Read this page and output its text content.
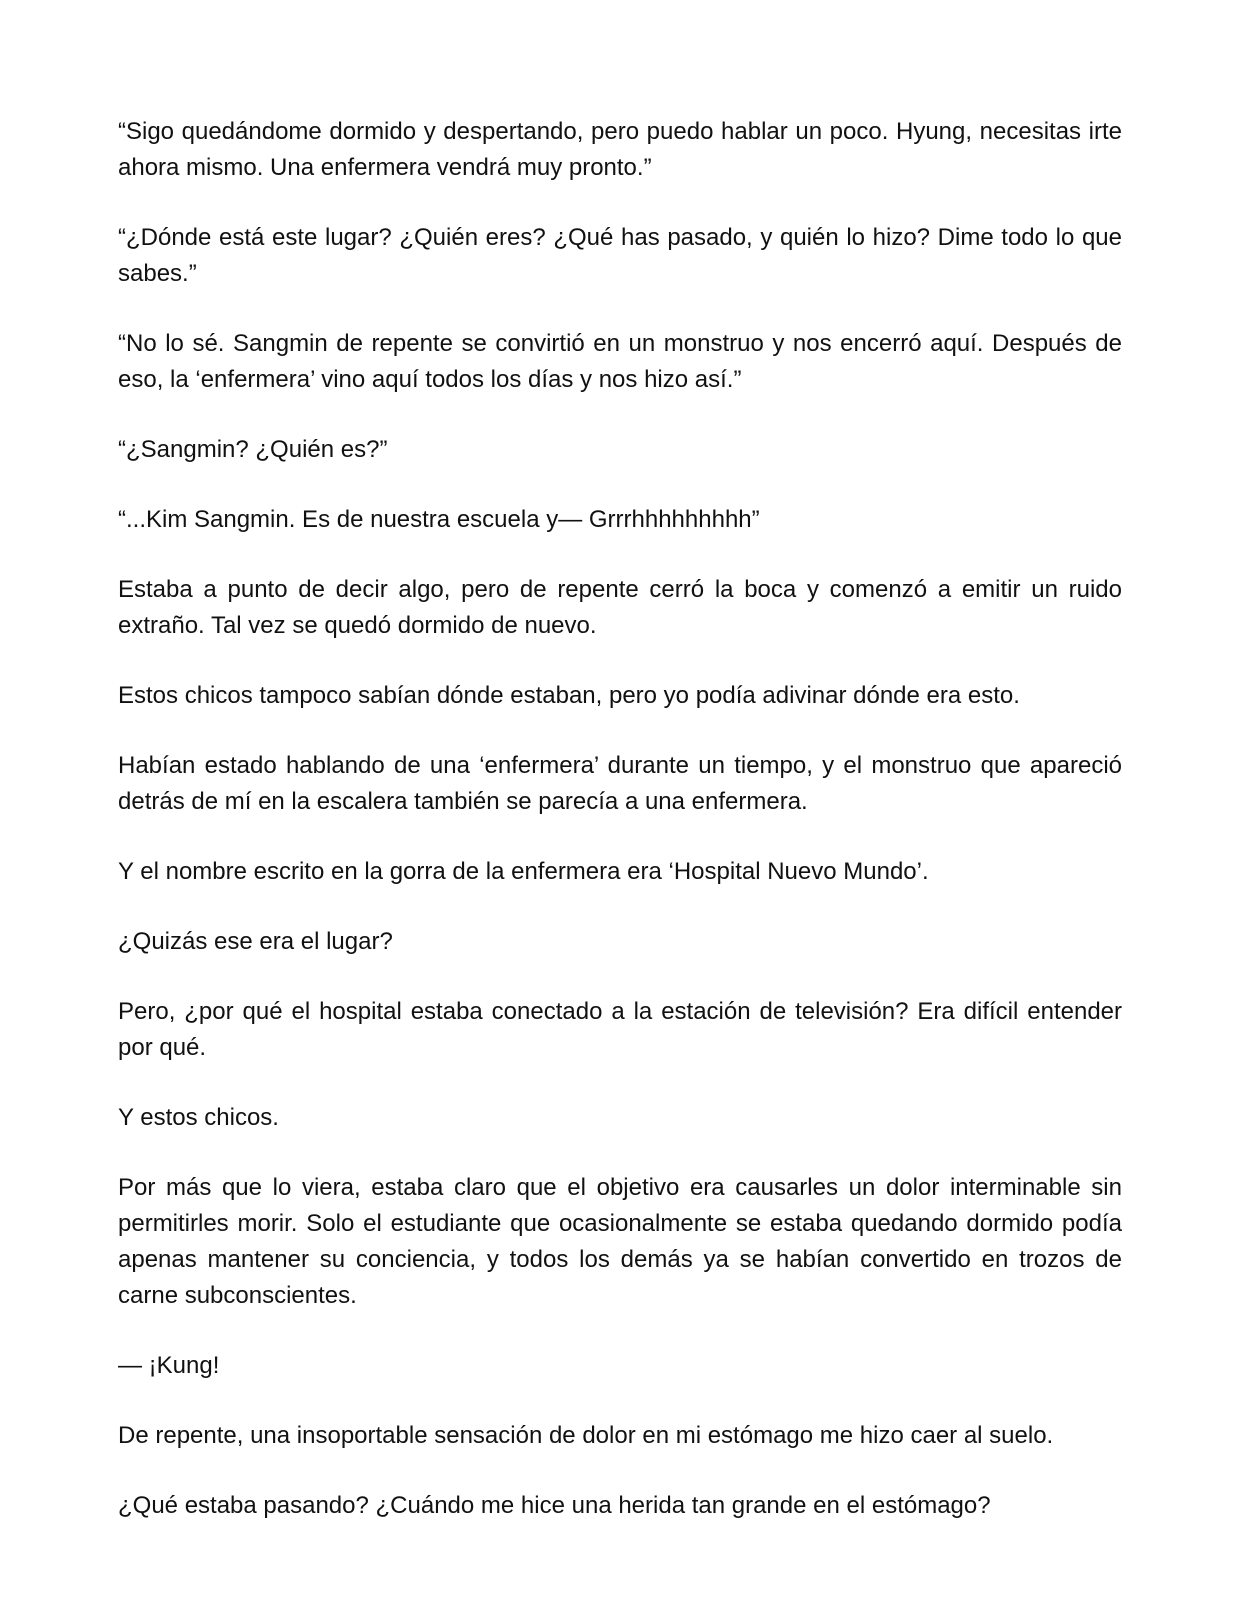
“Sigo quedándome dormido y despertando, pero puedo hablar un poco. Hyung, necesitas irte ahora mismo. Una enfermera vendrá muy pronto.”

“¿Dónde está este lugar? ¿Quién eres? ¿Qué has pasado, y quién lo hizo? Dime todo lo que sabes.”

“No lo sé. Sangmin de repente se convirtió en un monstruo y nos encerró aquí. Después de eso, la ‘enfermera’ vino aquí todos los días y nos hizo así.”

“¿Sangmin? ¿Quién es?”

“...Kim Sangmin. Es de nuestra escuela y— Grrrhhhhhhhhh”

Estaba a punto de decir algo, pero de repente cerró la boca y comenzó a emitir un ruido extraño. Tal vez se quedó dormido de nuevo.

Estos chicos tampoco sabían dónde estaban, pero yo podía adivinar dónde era esto.

Habían estado hablando de una ‘enfermera’ durante un tiempo, y el monstruo que apareció detrás de mí en la escalera también se parecía a una enfermera.

Y el nombre escrito en la gorra de la enfermera era ‘Hospital Nuevo Mundo’.

¿Quizás ese era el lugar?

Pero, ¿por qué el hospital estaba conectado a la estación de televisión? Era difícil entender por qué.

Y estos chicos.

Por más que lo viera, estaba claro que el objetivo era causarles un dolor interminable sin permitirles morir. Solo el estudiante que ocasionalmente se estaba quedando dormido podía apenas mantener su conciencia, y todos los demás ya se habían convertido en trozos de carne subconscientes.

— ¡Kung!

De repente, una insoportable sensación de dolor en mi estómago me hizo caer al suelo.

¿Qué estaba pasando? ¿Cuándo me hice una herida tan grande en el estómago?
